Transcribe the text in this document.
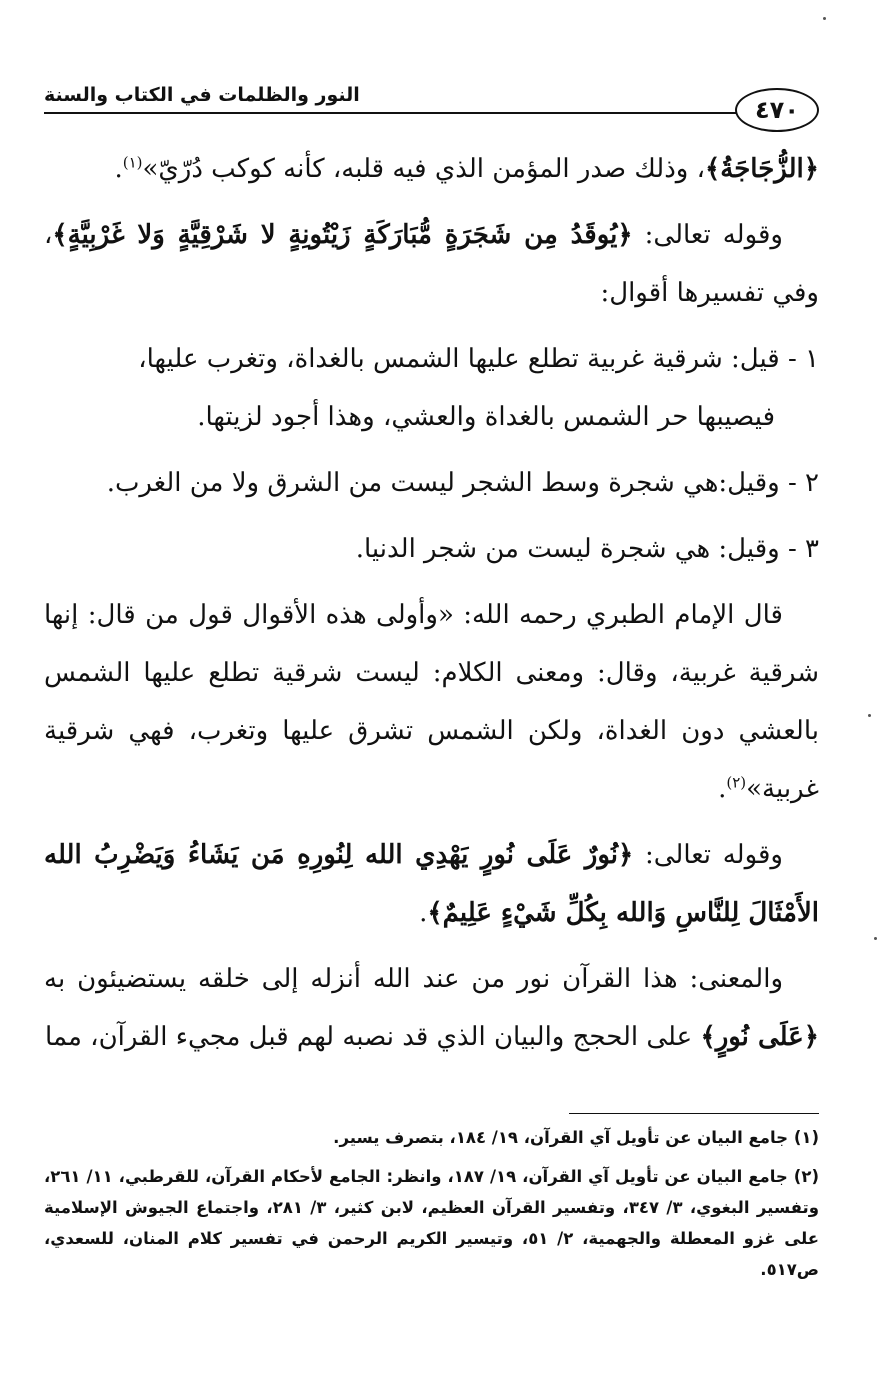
النور والظلمات في الكتاب والسنة
٤٧٠

﴿الزُّجَاجَةُ﴾، وذلك صدر المؤمن الذي فيه قلبه، كأنه كوكب دُرّيّ»$^{(١)}$.

وقوله تعالى: ﴿يُوقَدُ مِن شَجَرَةٍ مُّبَارَكَةٍ زَيْتُونِةٍ لا شَرْقِيَّةٍ وَلا غَرْبِيَّةٍ﴾، وفي تفسيرها أقوال:

١ - قيل: شرقية غربية تطلع عليها الشمس بالغداة، وتغرب عليها،
فيصيبها حر الشمس بالغداة والعشي، وهذا أجود لزيتها.

٢ - وقيل:هي شجرة وسط الشجر ليست من الشرق ولا من الغرب.

٣ - وقيل: هي شجرة ليست من شجر الدنيا.

قال الإمام الطبري رحمه الله: «وأولى هذه الأقوال قول من قال: إنها شرقية غربية، وقال: ومعنى الكلام: ليست شرقية تطلع عليها الشمس بالعشي دون الغداة، ولكن الشمس تشرق عليها وتغرب، فهي شرقية غربية»$^{(٢)}$.

وقوله تعالى: ﴿نُورٌ عَلَى نُورٍ يَهْدِي الله لِنُورِهِ مَن يَشَاءُ وَيَضْرِبُ الله الأَمْثَالَ لِلنَّاسِ وَالله بِكُلِّ شَيْءٍ عَلِيمٌ﴾.

والمعنى: هذا القرآن نور من عند الله أنزله إلى خلقه يستضيئون به ﴿عَلَى نُورٍ﴾ على الحجج والبيان الذي قد نصبه لهم قبل مجيء القرآن، مما

(١) جامع البيان عن تأويل آي القرآن، ١٩/ ١٨٤، بتصرف يسير.

(٢) جامع البيان عن تأويل آي القرآن، ١٩/ ١٨٧، وانظر: الجامع لأحكام القرآن، للقرطبي، ١١/ ٢٦١، وتفسير البغوي، ٣/ ٣٤٧، وتفسير القرآن العظيم، لابن كثير، ٣/ ٢٨١، واجتماع الجيوش الإسلامية على غزو المعطلة والجهمية، ٢/ ٥١، وتيسير الكريم الرحمن في تفسير كلام المنان، للسعدي، ص٥١٧.
